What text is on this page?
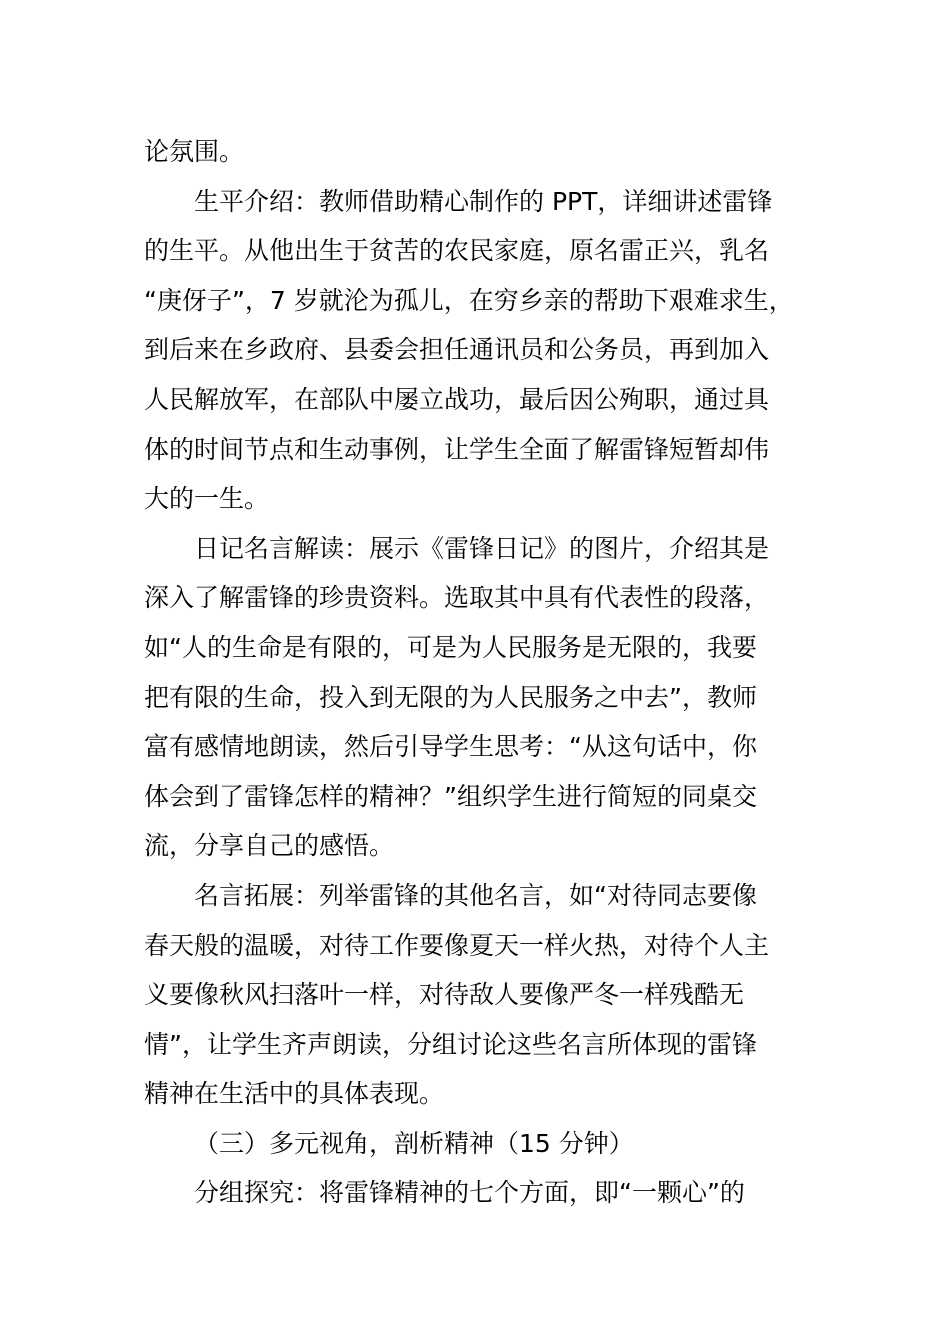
论氛围。

生平介绍：教师借助精心制作的 PPT，详细讲述雷锋
的生平。从他出生于贫苦的农民家庭，原名雷正兴，乳名
“庚伢子”，7 岁就沦为孤儿，在穷乡亲的帮助下艰难求生，
到后来在乡政府、县委会担任通讯员和公务员，再到加入
人民解放军，在部队中屡立战功，最后因公殉职，通过具
体的时间节点和生动事例，让学生全面了解雷锋短暂却伟
大的一生。

日记名言解读：展示《雷锋日记》的图片，介绍其是
深入了解雷锋的珍贵资料。选取其中具有代表性的段落，
如“人的生命是有限的，可是为人民服务是无限的，我要
把有限的生命，投入到无限的为人民服务之中去”，教师
富有感情地朗读，然后引导学生思考：“从这句话中，你
体会到了雷锋怎样的精神？”组织学生进行简短的同桌交
流，分享自己的感悟。

名言拓展：列举雷锋的其他名言，如“对待同志要像
春天般的温暖，对待工作要像夏天一样火热，对待个人主
义要像秋风扫落叶一样，对待敌人要像严冬一样残酷无
情”，让学生齐声朗读，分组讨论这些名言所体现的雷锋
精神在生活中的具体表现。

（三）多元视角，剖析精神（15 分钟）

分组探究：将雷锋精神的七个方面，即“一颗心”的
